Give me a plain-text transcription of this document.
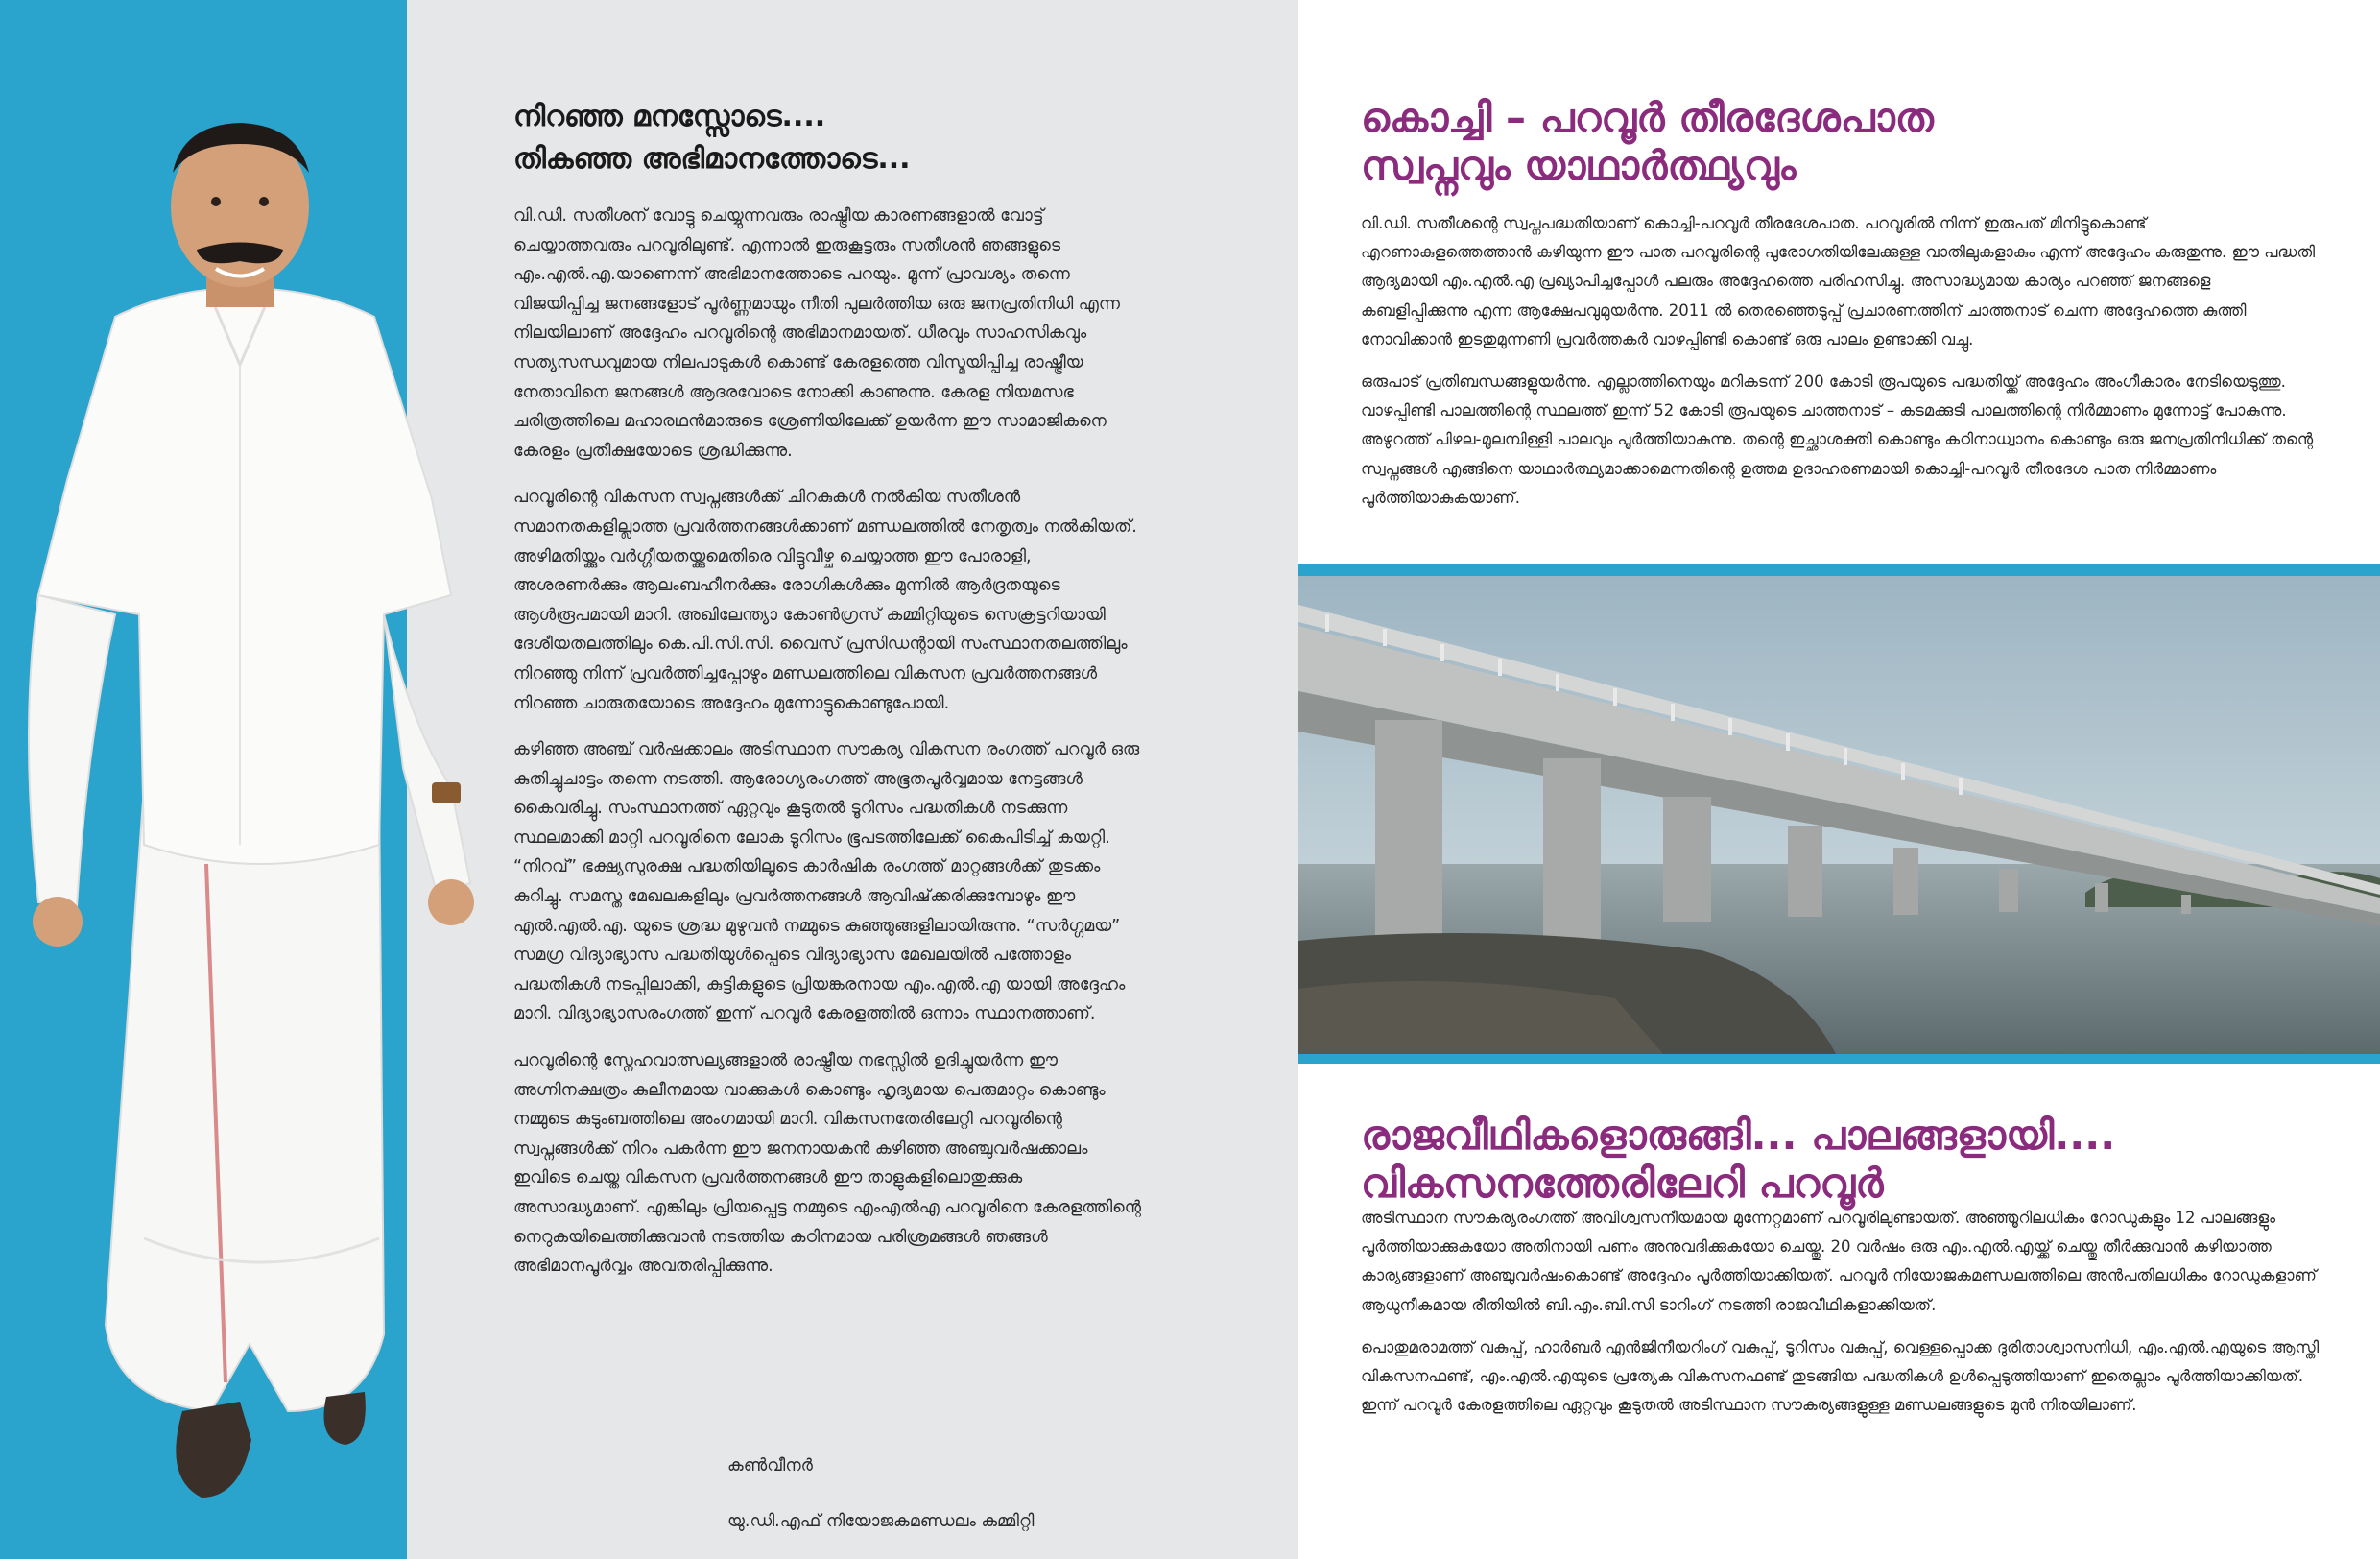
നിറഞ്ഞ മനസ്സോടെ....
തികഞ്ഞ അഭിമാനത്തോടെ...

വി.ഡി. സതീശന് വോട്ടു ചെയ്യുന്നവരും രാഷ്ട്രീയ കാരണങ്ങളാൽ വോട്ട് ചെയ്യാത്തവരും പറവൂരിലുണ്ട്. എന്നാൽ ഇരുകൂട്ടരും സതീശൻ ഞങ്ങളുടെ എം.എൽ.എ.യാണെന്ന് അഭിമാനത്തോടെ പറയും. മൂന്ന് പ്രാവശ്യം തന്നെ വിജയിപ്പിച്ച ജനങ്ങളോട് പൂർണ്ണമായും നീതി പുലർത്തിയ ഒരു ജനപ്രതിനിധി എന്ന നിലയിലാണ് അദ്ദേഹം പറവൂരിന്റെ അഭിമാനമായത്. ധീരവും സാഹസികവും സത്യസന്ധവുമായ നിലപാടുകൾ കൊണ്ട് കേരളത്തെ വിസ്മയിപ്പിച്ച രാഷ്ട്രീയ നേതാവിനെ ജനങ്ങൾ ആദരവോടെ നോക്കി കാണുന്നു. കേരള നിയമസഭ ചരിത്രത്തിലെ മഹാരഥൻമാരുടെ ശ്രേണിയിലേക്ക് ഉയർന്ന ഈ സാമാജികനെ കേരളം പ്രതീക്ഷയോടെ ശ്രദ്ധിക്കുന്നു.

പറവൂരിന്റെ വികസന സ്വപ്നങ്ങൾക്ക് ചിറകുകൾ നൽകിയ സതീശൻ സമാനതകളില്ലാത്ത പ്രവർത്തനങ്ങൾക്കാണ് മണ്ഡലത്തിൽ നേതൃത്വം നൽകിയത്. അഴിമതിയ്ക്കും വർഗ്ഗീയതയ്ക്കുമെതിരെ വിട്ടുവീഴ്ച ചെയ്യാത്ത ഈ പോരാളി, അശരണർക്കും ആലംബഹീനർക്കും രോഗികൾക്കും മുന്നിൽ ആർദ്രതയുടെ ആൾരൂപമായി മാറി. അഖിലേന്ത്യാ കോൺഗ്രസ് കമ്മിറ്റിയുടെ സെക്രട്ടറിയായി ദേശീയതലത്തിലും കെ.പി.സി.സി. വൈസ് പ്രസിഡന്റായി സംസ്ഥാനതലത്തിലും നിറഞ്ഞു നിന്ന് പ്രവർത്തിച്ചപ്പോഴും മണ്ഡലത്തിലെ വികസന പ്രവർത്തനങ്ങൾ നിറഞ്ഞ ചാരുതയോടെ അദ്ദേഹം മുന്നോട്ടുകൊണ്ടുപോയി.

കഴിഞ്ഞ അഞ്ച് വർഷക്കാലം അടിസ്ഥാന സൗകര്യ വികസന രംഗത്ത് പറവൂർ ഒരു കുതിച്ചുചാട്ടം തന്നെ നടത്തി. ആരോഗ്യരംഗത്ത് അഭൂതപൂർവ്വമായ നേട്ടങ്ങൾ കൈവരിച്ചു. സംസ്ഥാനത്ത് ഏറ്റവും കൂടുതൽ ടൂറിസം പദ്ധതികൾ നടക്കുന്ന സ്ഥലമാക്കി മാറ്റി പറവൂരിനെ ലോക ടൂറിസം ഭൂപടത്തിലേക്ക് കൈപിടിച്ച് കയറ്റി. “നിറവ്” ഭക്ഷ്യസുരക്ഷ പദ്ധതിയിലൂടെ കാർഷിക രംഗത്ത് മാറ്റങ്ങൾക്ക് തുടക്കം കുറിച്ചു. സമസ്ത മേഖലകളിലും പ്രവർത്തനങ്ങൾ ആവിഷ്‌ക്കരിക്കുമ്പോഴും ഈ എൽ.എൽ.എ. യുടെ ശ്രദ്ധ മുഴുവൻ നമ്മുടെ കുഞ്ഞുങ്ങളിലായിരുന്നു. “സർഗ്ഗമയ” സമഗ്ര വിദ്യാഭ്യാസ പദ്ധതിയുൾപ്പെടെ വിദ്യാഭ്യാസ മേഖലയിൽ പത്തോളം പദ്ധതികൾ നടപ്പിലാക്കി, കുട്ടികളുടെ പ്രിയങ്കരനായ എം.എൽ.എ യായി അദ്ദേഹം മാറി. വിദ്യാഭ്യാസരംഗത്ത് ഇന്ന് പറവൂർ കേരളത്തിൽ ഒന്നാം സ്ഥാനത്താണ്.

പറവൂരിന്റെ സ്നേഹവാത്സല്യങ്ങളാൽ രാഷ്ട്രീയ നഭസ്സിൽ ഉദിച്ചുയർന്ന ഈ അഗ്നിനക്ഷത്രം കുലീനമായ വാക്കുകൾ കൊണ്ടും ഹൃദ്യമായ പെരുമാറ്റം കൊണ്ടും നമ്മുടെ കുടുംബത്തിലെ അംഗമായി മാറി. വികസനതേരിലേറ്റി പറവൂരിന്റെ സ്വപ്നങ്ങൾക്ക് നിറം പകർന്ന ഈ ജനനായകൻ കഴിഞ്ഞ അഞ്ചുവർഷക്കാലം ഇവിടെ ചെയ്ത വികസന പ്രവർത്തനങ്ങൾ ഈ താളുകളിലൊതുക്കുക അസാദ്ധ്യമാണ്. എങ്കിലും പ്രിയപ്പെട്ട നമ്മുടെ എംഎൽഎ പറവൂരിനെ കേരളത്തിന്റെ നെറുകയിലെത്തിക്കുവാൻ നടത്തിയ കഠിനമായ പരിശ്രമങ്ങൾ ഞങ്ങൾ അഭിമാനപൂർവ്വം അവതരിപ്പിക്കുന്നു.

കൺവീനർ
യു.ഡി.എഫ് നിയോജകമണ്ഡലം കമ്മിറ്റി
കൊച്ചി – പറവൂർ തീരദേശപാത
സ്വപ്നവും യാഥാർത്ഥ്യവും

വി.ഡി. സതീശന്റെ സ്വപ്നപദ്ധതിയാണ് കൊച്ചി-പറവൂർ തീരദേശപാത. പറവൂരിൽ നിന്ന് ഇരുപത് മിനിട്ടുകൊണ്ട് എറണാകുളത്തെത്താൻ കഴിയുന്ന ഈ പാത പറവൂരിന്റെ പുരോഗതിയിലേക്കുള്ള വാതിലുകളാകും എന്ന് അദ്ദേഹം കരുതുന്നു. ഈ പദ്ധതി ആദ്യമായി എം.എൽ.എ പ്രഖ്യാപിച്ചപ്പോൾ പലരും അദ്ദേഹത്തെ പരിഹസിച്ചു. അസാദ്ധ്യമായ കാര്യം പറഞ്ഞ് ജനങ്ങളെ കബളിപ്പിക്കുന്നു എന്ന ആക്ഷേപവുമുയർന്നു. 2011 ൽ തെരഞ്ഞെടുപ്പ് പ്രചാരണത്തിന് ചാത്തനാട് ചെന്ന അദ്ദേഹത്തെ കുത്തി നോവിക്കാൻ ഇടതുമുന്നണി പ്രവർത്തകർ വാഴപ്പിണ്ടി കൊണ്ട് ഒരു പാലം ഉണ്ടാക്കി വച്ചു.

ഒരുപാട് പ്രതിബന്ധങ്ങളുയർന്നു. എല്ലാത്തിനെയും മറികടന്ന് 200 കോടി രൂപയുടെ പദ്ധതിയ്ക്ക് അദ്ദേഹം അംഗീകാരം നേടിയെടുത്തു. വാഴപ്പിണ്ടി പാലത്തിന്റെ സ്ഥലത്ത് ഇന്ന് 52 കോടി രൂപയുടെ ചാത്തനാട് – കടമക്കുടി പാലത്തിന്റെ നിർമ്മാണം മുന്നോട്ട് പോകുന്നു. അഴുറത്ത് പിഴല-മൂലമ്പിള്ളി പാലവും പൂർത്തിയാകുന്നു. തന്റെ ഇച്ഛാശക്തി കൊണ്ടും കഠിനാധ്വാനം കൊണ്ടും ഒരു ജനപ്രതിനിധിക്ക് തന്റെ സ്വപ്നങ്ങൾ എങ്ങിനെ യാഥാർത്ഥ്യമാക്കാമെന്നതിന്റെ ഉത്തമ ഉദാഹരണമായി കൊച്ചി-പറവൂർ തീരദേശ പാത നിർമ്മാണം പൂർത്തിയാകുകയാണ്.

രാജവീഥികളൊരുങ്ങി... പാലങ്ങളായി....
വികസനത്തേരിലേറി പറവൂർ

അടിസ്ഥാന സൗകര്യരംഗത്ത് അവിശ്വസനീയമായ മുന്നേറ്റമാണ് പറവൂരിലുണ്ടായത്. അഞ്ഞൂറിലധികം റോഡുകളും 12 പാലങ്ങളും പൂർത്തിയാക്കുകയോ അതിനായി പണം അനുവദിക്കുകയോ ചെയ്തു. 20 വർഷം ഒരു എം.എൽ.എയ്ക്ക് ചെയ്തു തീർക്കുവാൻ കഴിയാത്ത കാര്യങ്ങളാണ് അഞ്ചുവർഷംകൊണ്ട് അദ്ദേഹം പൂർത്തിയാക്കിയത്. പറവൂർ നിയോജകമണ്ഡലത്തിലെ അൻപതിലധികം റോഡുകളാണ് ആധുനീകമായ രീതിയിൽ ബി.എം.ബി.സി ടാറിംഗ് നടത്തി രാജവീഥികളാക്കിയത്.

പൊതുമരാമത്ത് വകുപ്പ്, ഹാർബർ എൻജിനീയറിംഗ് വകുപ്പ്, ടൂറിസം വകുപ്പ്, വെള്ളപ്പൊക്ക ദുരിതാശ്വാസനിധി, എം.എൽ.എയുടെ ആസ്തി വികസനഫണ്ട്, എം.എൽ.എയുടെ പ്രത്യേക വികസനഫണ്ട് തുടങ്ങിയ പദ്ധതികൾ ഉൾപ്പെടുത്തിയാണ് ഇതെല്ലാം പൂർത്തിയാക്കിയത്. ഇന്ന് പറവൂർ കേരളത്തിലെ ഏറ്റവും കൂടുതൽ അടിസ്ഥാന സൗകര്യങ്ങളുള്ള മണ്ഡലങ്ങളുടെ മുൻ നിരയിലാണ്.
